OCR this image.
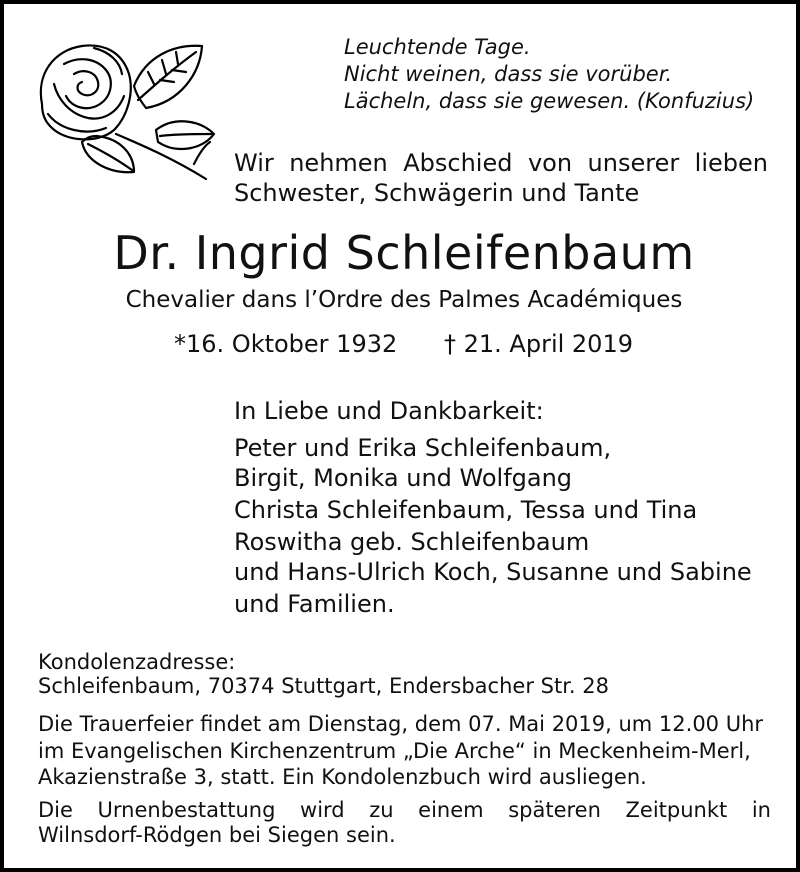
Leuchtende Tage.
Nicht weinen, dass sie vorüber.
Lächeln, dass sie gewesen. (Konfuzius)
Wir nehmen Abschied von unserer lieben
Schwester, Schwägerin und Tante
Dr. Ingrid Schleifenbaum
Chevalier dans l’Ordre des Palmes Académiques
*16. Oktober 1932 † 21. April 2019
In Liebe und Dankbarkeit:
Peter und Erika Schleifenbaum,
Birgit, Monika und Wolfgang
Christa Schleifenbaum, Tessa und Tina
Roswitha geb. Schleifenbaum
und Hans-Ulrich Koch, Susanne und Sabine
und Familien.
Kondolenzadresse:
Schleifenbaum, 70374 Stuttgart, Endersbacher Str. 28
Die Trauerfeier findet am Dienstag, dem 07. Mai 2019, um 12.00 Uhr
im Evangelischen Kirchenzentrum „Die Arche“ in Meckenheim-Merl,
Akazienstraße 3, statt. Ein Kondolenzbuch wird ausliegen.
Die Urnenbestattung wird zu einem späteren Zeitpunkt in
Wilnsdorf-Rödgen bei Siegen sein.
